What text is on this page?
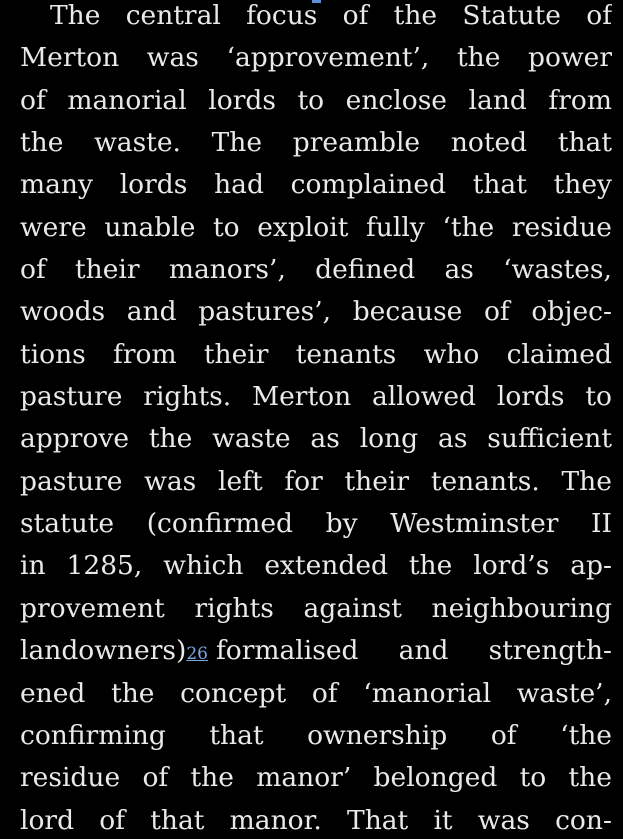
The central focus of the Statute of
Merton was ‘approvement’, the power
of manorial lords to enclose land from
the waste. The preamble noted that
many lords had complained that they
were unable to exploit fully ‘the residue
of their manors’, defined as ‘wastes,
woods and pastures’, because of objec-
tions from their tenants who claimed
pasture rights. Merton allowed lords to
approve the waste as long as sufficient
pasture was left for their tenants. The
statute (confirmed by Westminster II
in 1285, which extended the lord’s ap-
provement rights against neighbouring
landowners) 26 formalised and strength-
ened the concept of ‘manorial waste’,
confirming that ownership of ‘the
residue of the manor’ belonged to the
lord of that manor. That it was con-
